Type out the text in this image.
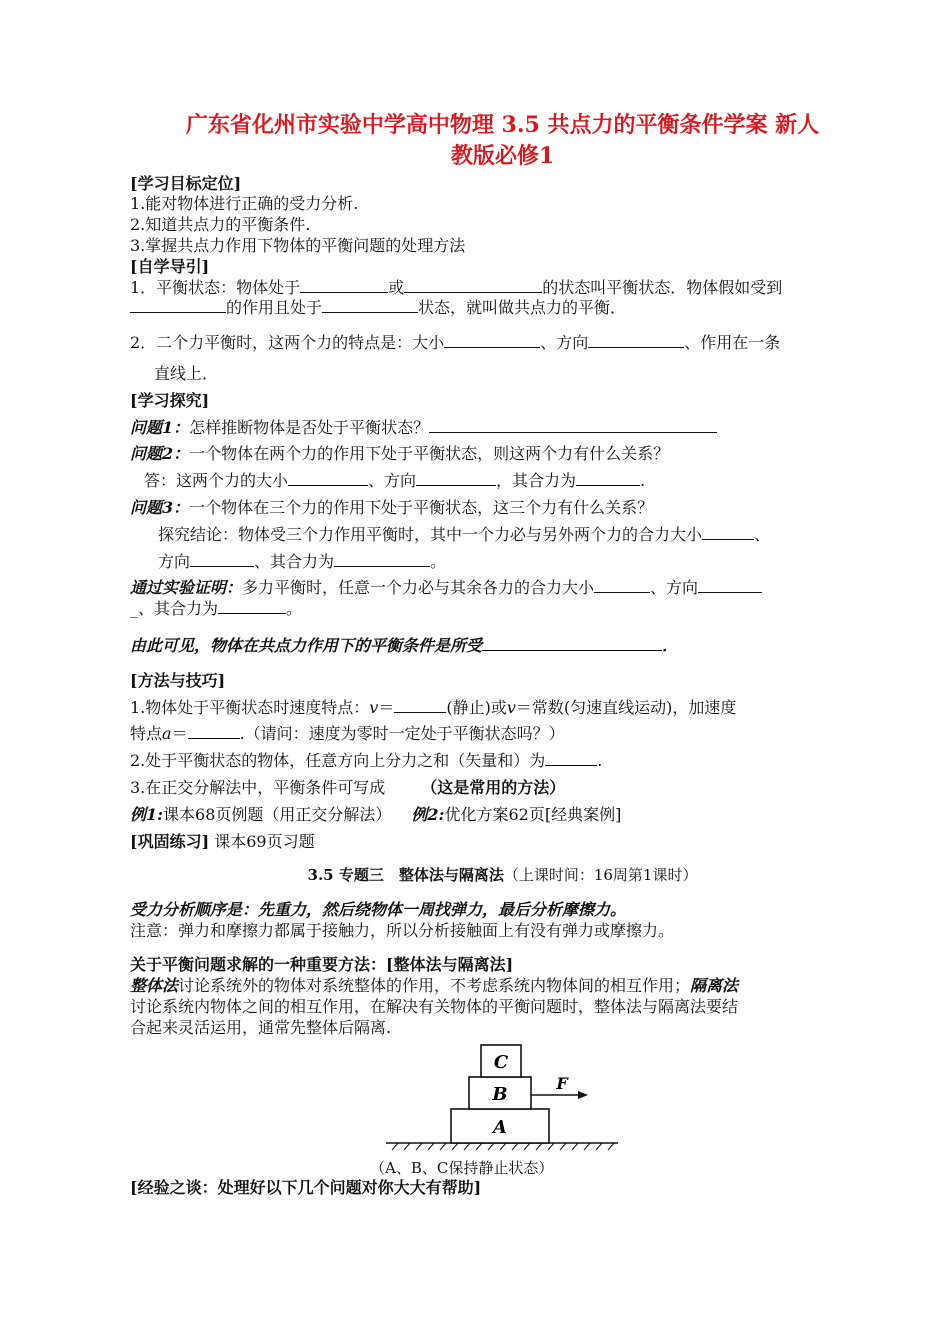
广东省化州市实验中学高中物理 3.5 共点力的平衡条件学案 新人
教版必修1
[学习目标定位]
1.能对物体进行正确的受力分析.
2.知道共点力的平衡条件.
3.掌握共点力作用下物体的平衡问题的处理方法
[自学导引]
1．平衡状态：物体处于	或	的状态叫平衡状态．物体假如受到
的作用且处于	状态，就叫做共点力的平衡．
2．二个力平衡时，这两个力的特点是：大小	、方向	、作用在一条
直线上．
[学习探究]
问题1：怎样推断物体是否处于平衡状态？
问题2：一个物体在两个力的作用下处于平衡状态，则这两个力有什么关系？
答：这两个力的大小	、方向	，其合力为	.
问题3：一个物体在三个力的作用下处于平衡状态，这三个力有什么关系？
探究结论：物体受三个力作用平衡时，其中一个力必与另外两个力的合力大小	、
方向	、其合力为	。
通过实验证明：多力平衡时，任意一个力必与其余各力的合力大小	、方向
_、其合力为	。
由此可见，物体在共点力作用下的平衡条件是所受	．
[方法与技巧]
1.物体处于平衡状态时速度特点：v＝	(静止)或v＝常数(匀速直线运动)，加速度
特点a＝	.（请问：速度为零时一定处于平衡状态吗？）
2.处于平衡状态的物体，任意方向上分力之和（矢量和）为	.
3.在正交分解法中，平衡条件可写成 （这是常用的方法）
例1:课本68页例题（用正交分解法） 例2:优化方案62页[经典案例]
[巩固练习] 课本69页习题
3.5 专题三　整体法与隔离法（上课时间：16周第1课时）
受力分析顺序是：先重力，然后绕物体一周找弹力，最后分析摩擦力。
注意：弹力和摩擦力都属于接触力，所以分析接触面上有没有弹力或摩擦力。
关于平衡问题求解的一种重要方法：[整体法与隔离法]
整体法讨论系统外的物体对系统整体的作用，不考虑系统内物体间的相互作用；隔离法
讨论系统内物体之间的相互作用，在解决有关物体的平衡问题时，整体法与隔离法要结
合起来灵活运用，通常先整体后隔离.
C
B
A
F
（A、B、C保持静止状态）
[经验之谈：处理好以下几个问题对你大大有帮助]
